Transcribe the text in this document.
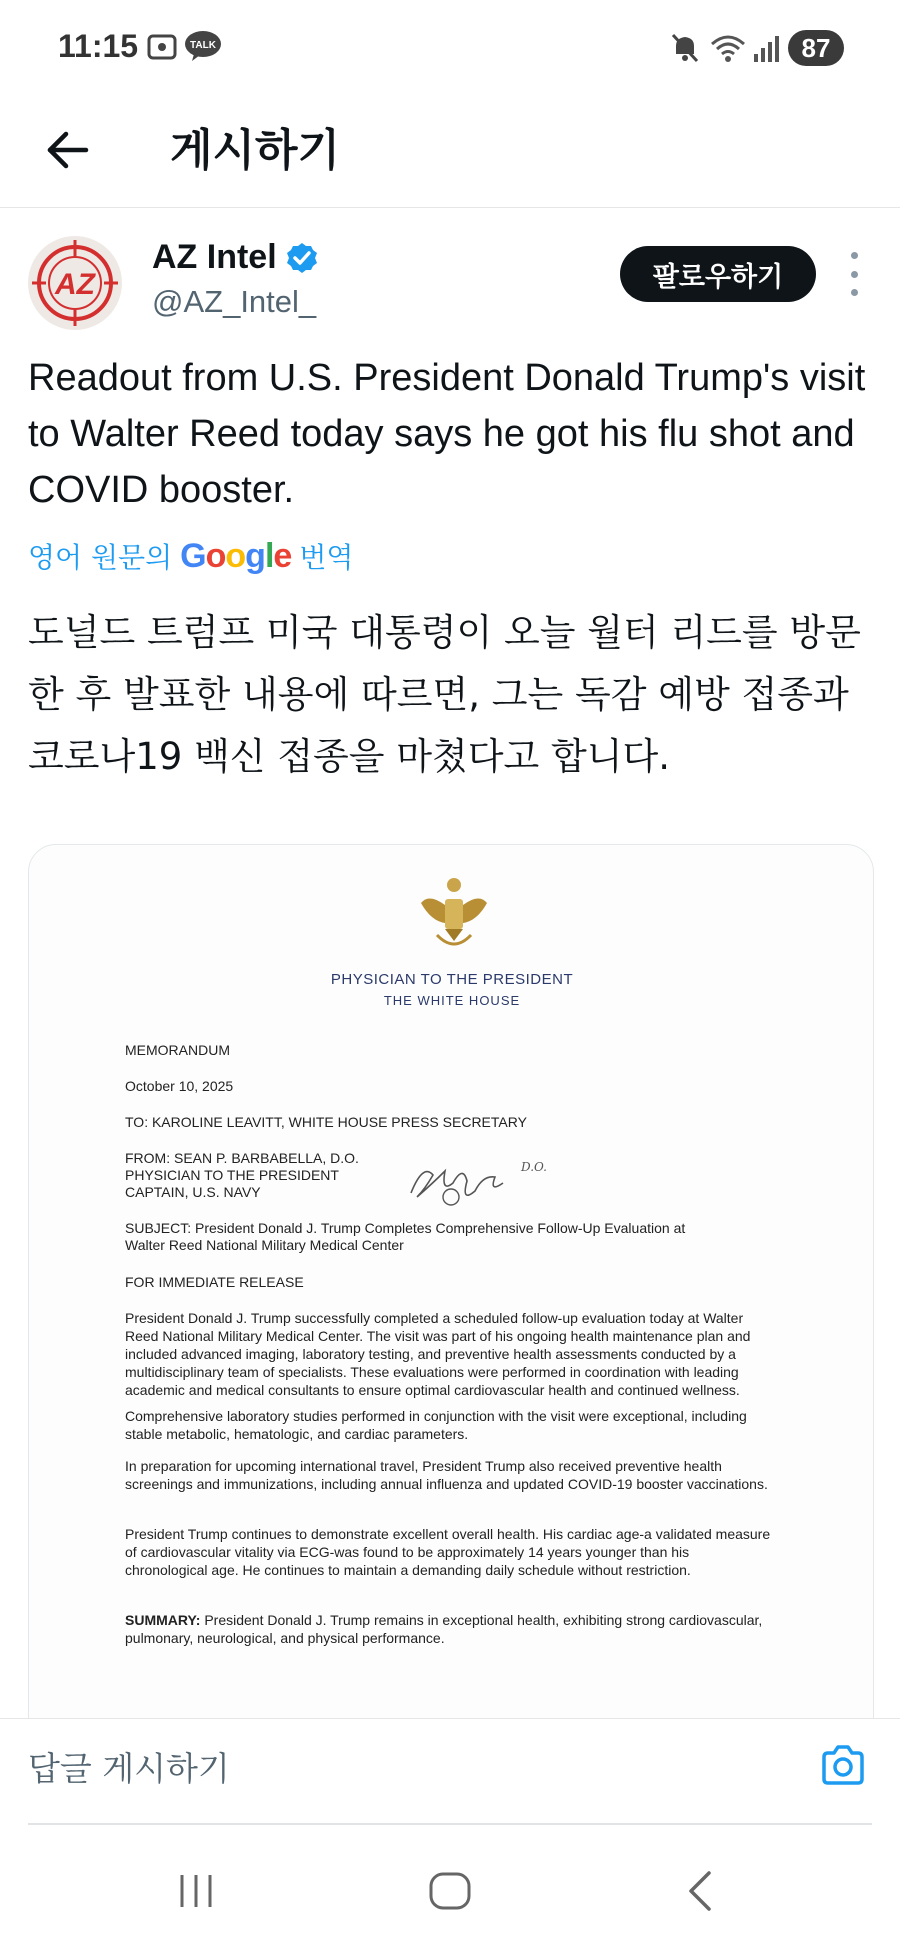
11:15	TALK	87
게시하기
AZ
AZ Intel
@AZ_Intel_
팔로우하기
Readout from U.S. President Donald Trump's visit to Walter Reed today says he got his flu shot and COVID booster.
영어 원문의 Google 번역
도널드 트럼프 미국 대통령이 오늘 월터 리드를 방문한 후 발표한 내용에 따르면, 그는 독감 예방 접종과 코로나19 백신 접종을 마쳤다고 합니다.
PHYSICIAN TO THE PRESIDENT
THE WHITE HOUSE
MEMORANDUM
October 10, 2025
TO: KAROLINE LEAVITT, WHITE HOUSE PRESS SECRETARY
FROM: SEAN P. BARBABELLA, D.O.
PHYSICIAN TO THE PRESIDENT
CAPTAIN, U.S. NAVY
D.O.
SUBJECT: President Donald J. Trump Completes Comprehensive Follow-Up Evaluation at
Walter Reed National Military Medical Center
FOR IMMEDIATE RELEASE
President Donald J. Trump successfully completed a scheduled follow-up evaluation today at Walter Reed National Military Medical Center. The visit was part of his ongoing health maintenance plan and included advanced imaging, laboratory testing, and preventive health assessments conducted by a multidisciplinary team of specialists. These evaluations were performed in coordination with leading academic and medical consultants to ensure optimal cardiovascular health and continued wellness.
Comprehensive laboratory studies performed in conjunction with the visit were exceptional, including stable metabolic, hematologic, and cardiac parameters.
In preparation for upcoming international travel, President Trump also received preventive health screenings and immunizations, including annual influenza and updated COVID-19 booster vaccinations.
President Trump continues to demonstrate excellent overall health. His cardiac age-a validated measure of cardiovascular vitality via ECG-was found to be approximately 14 years younger than his chronological age. He continues to maintain a demanding daily schedule without restriction.
SUMMARY: President Donald J. Trump remains in exceptional health, exhibiting strong cardiovascular, pulmonary, neurological, and physical performance.
답글 게시하기
